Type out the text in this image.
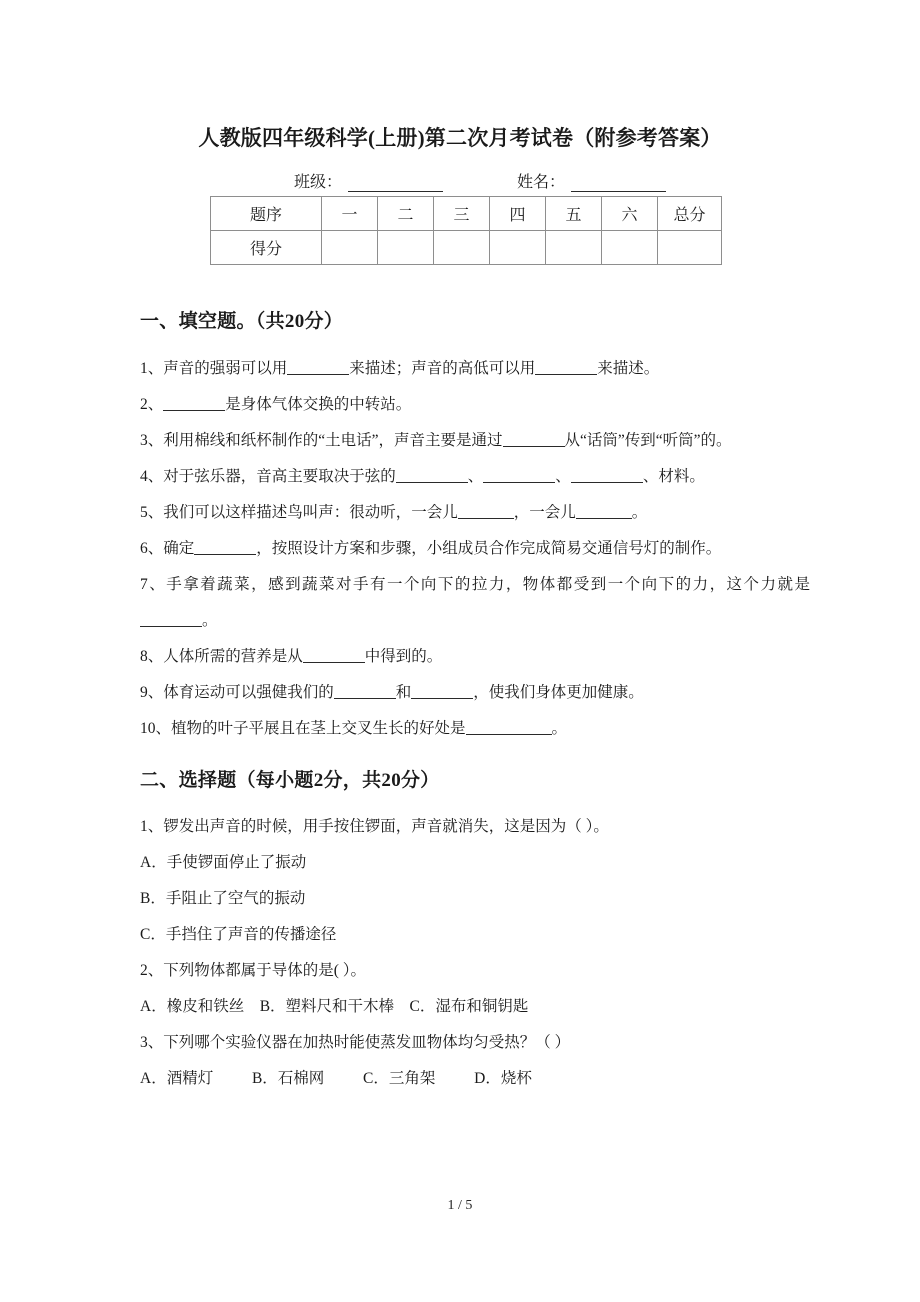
人教版四年级科学(上册)第二次月考试卷（附参考答案）
班级：	姓名：
题序	一	二	三	四	五	六	总分
得分							
一、填空题。（共20分）

1、声音的强弱可以用	来描述；声音的高低可以用	来描述。

2、	是身体气体交换的中转站。

3、利用棉线和纸杯制作的“土电话”，声音主要是通过	从“话筒”传到“听筒”的。

4、对于弦乐器，音高主要取决于弦的	、	、	、材料。

5、我们可以这样描述鸟叫声：很动听，一会儿	，一会儿	。

6、确定	，按照设计方案和步骤，小组成员合作完成简易交通信号灯的制作。

7、手拿着蔬菜，感到蔬菜对手有一个向下的拉力，物体都受到一个向下的力，这个力就是。

8、人体所需的营养是从	中得到的。

9、体育运动可以强健我们的	和	，使我们身体更加健康。

10、植物的叶子平展且在茎上交叉生长的好处是	。

二、选择题（每小题2分，共20分）

1、锣发出声音的时候，用手按住锣面，声音就消失，这是因为（ ）。

A．手使锣面停止了振动

B．手阻止了空气的振动

C．手挡住了声音的传播途径

2、下列物体都属于导体的是( ）。

A．橡皮和铁丝    B．塑料尺和干木棒    C．湿布和铜钥匙

3、下列哪个实验仪器在加热时能使蒸发皿物体均匀受热？（ ）

A．酒精灯          B．石棉网          C．三角架          D．烧杯

1 / 5
